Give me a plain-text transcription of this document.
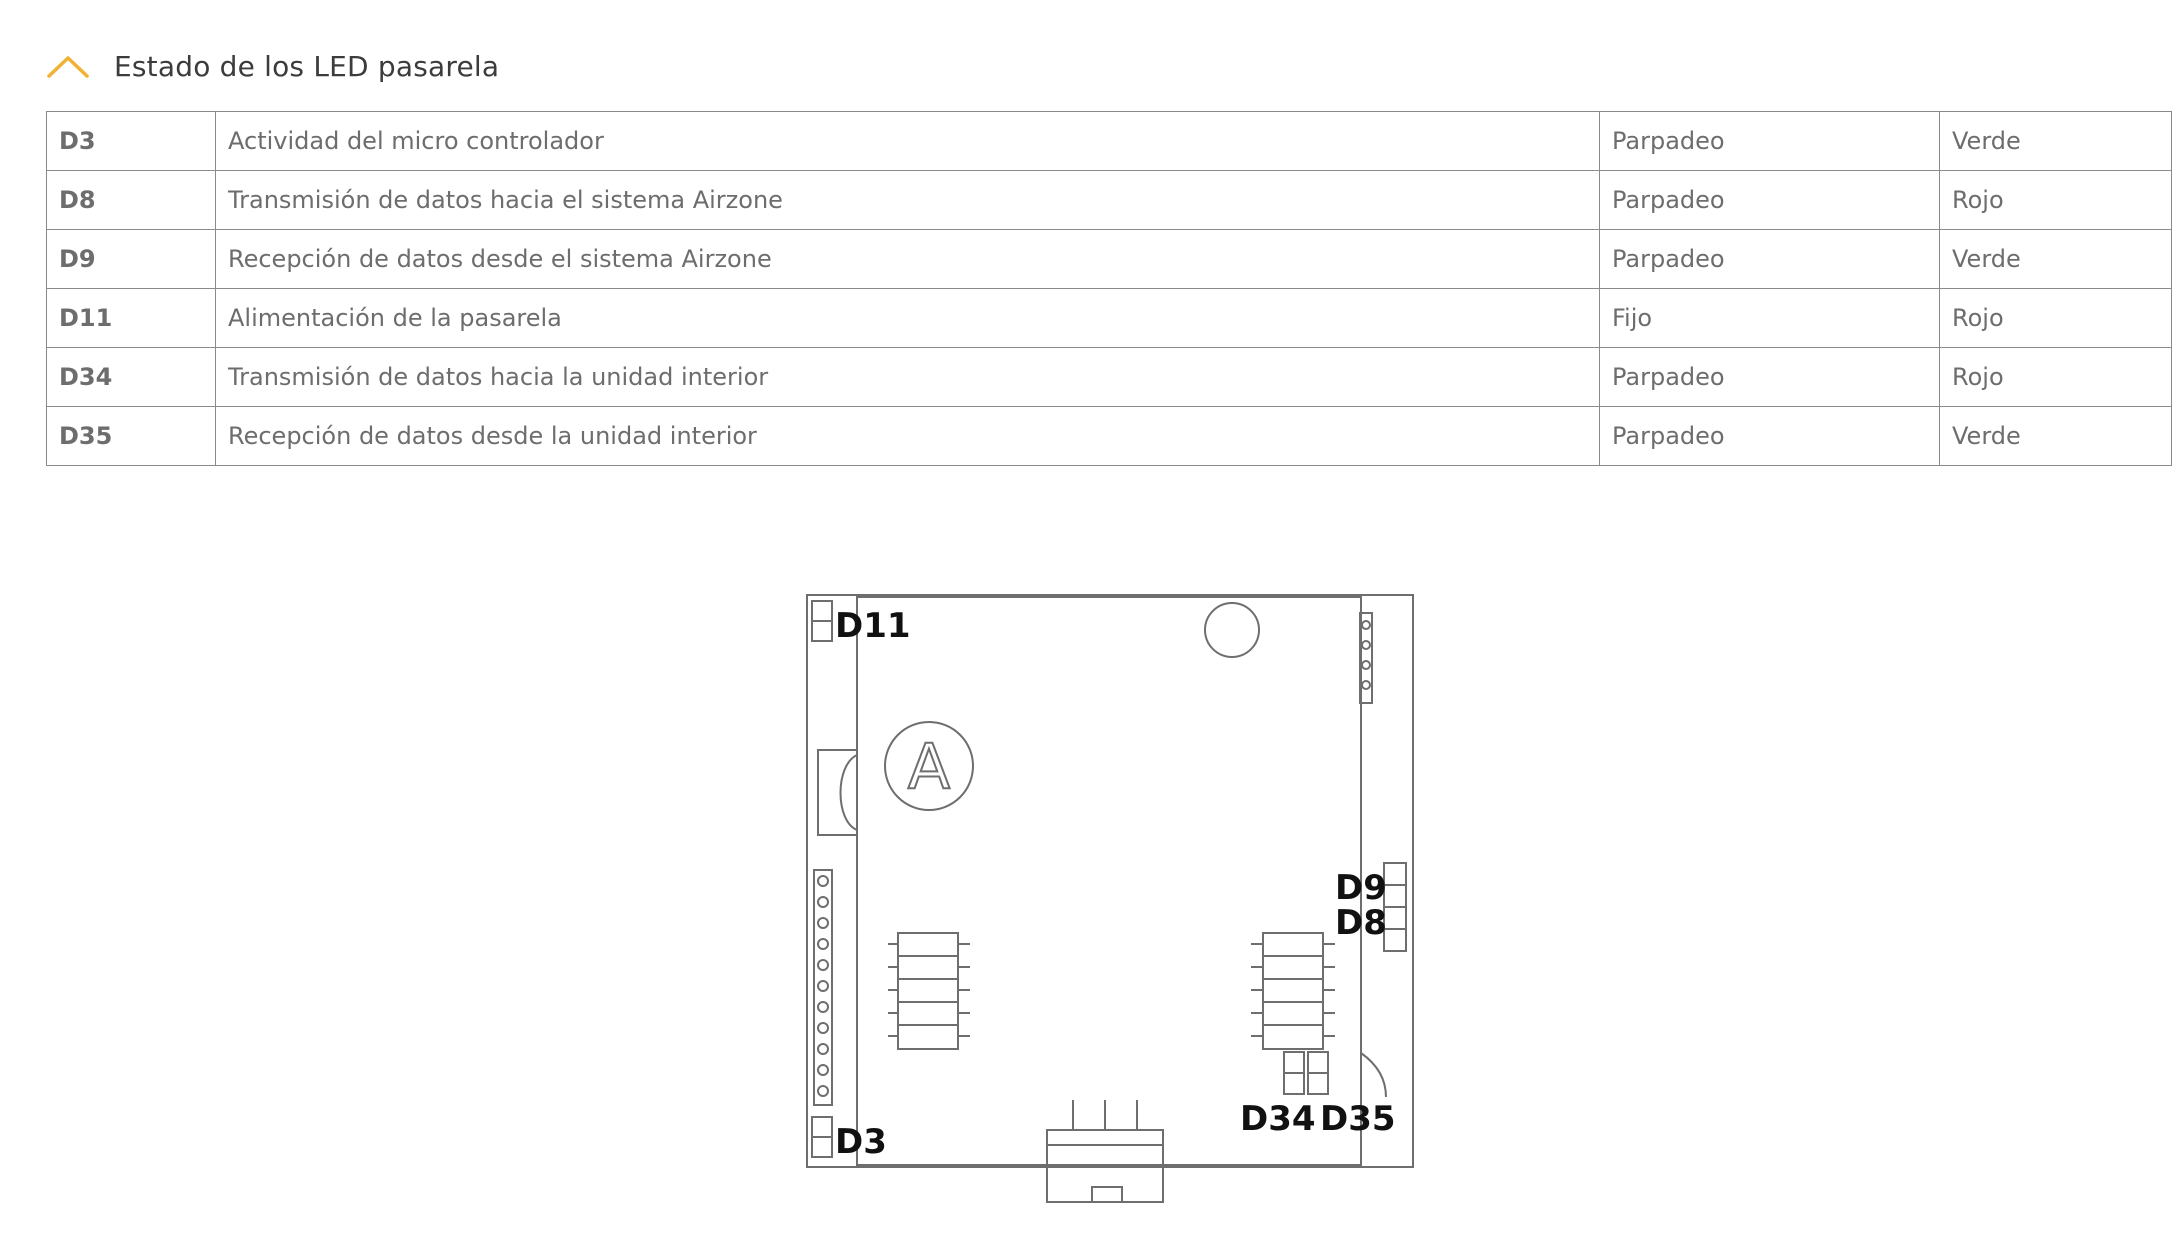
Estado de los LED pasarela
D3	Actividad del micro controlador	Parpadeo	Verde
D8	Transmisión de datos hacia el sistema Airzone	Parpadeo	Rojo
D9	Recepción de datos desde el sistema Airzone	Parpadeo	Verde
D11	Alimentación de la pasarela	Fijo	Rojo
D34	Transmisión de datos hacia la unidad interior	Parpadeo	Rojo
D35	Recepción de datos desde la unidad interior	Parpadeo	Verde
D11
D3
D9
D8
D34 D35
A
